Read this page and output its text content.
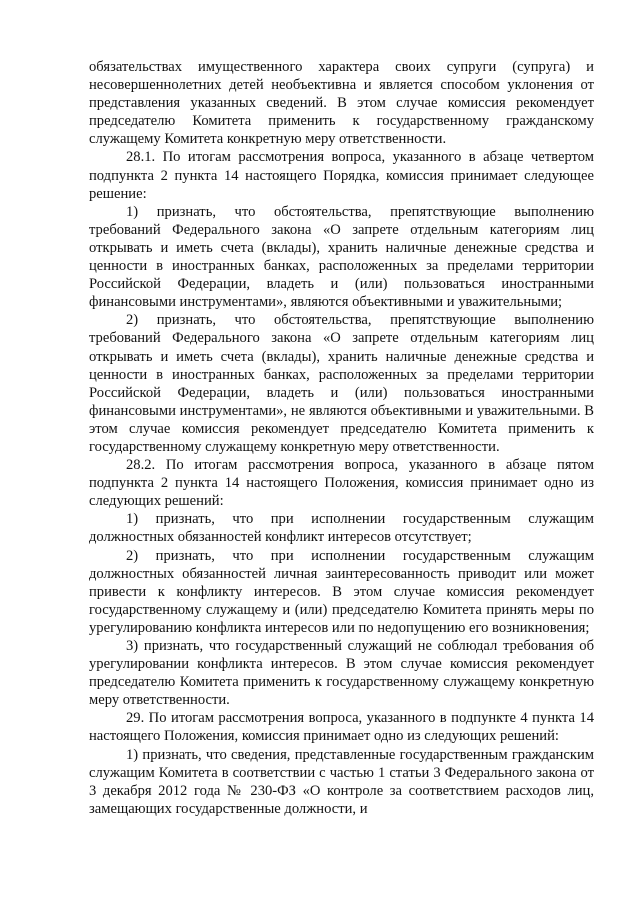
обязательствах имущественного характера своих супруги (супруга) и несовершеннолетних детей необъективна и является способом уклонения от представления указанных сведений. В этом случае комиссия рекомендует председателю Комитета применить к государственному гражданскому служащему Комитета конкретную меру ответственности.

28.1. По итогам рассмотрения вопроса, указанного в абзаце четвертом подпункта 2 пункта 14 настоящего Порядка, комиссия принимает следующее решение:

1) признать, что обстоятельства, препятствующие выполнению требований Федерального закона «О запрете отдельным категориям лиц открывать и иметь счета (вклады), хранить наличные денежные средства и ценности в иностранных банках, расположенных за пределами территории Российской Федерации, владеть и (или) пользоваться иностранными финансовыми инструментами», являются объективными и уважительными;

2) признать, что обстоятельства, препятствующие выполнению требований Федерального закона «О запрете отдельным категориям лиц открывать и иметь счета (вклады), хранить наличные денежные средства и ценности в иностранных банках, расположенных за пределами территории Российской Федерации, владеть и (или) пользоваться иностранными финансовыми инструментами», не являются объективными и уважительными. В этом случае комиссия рекомендует председателю Комитета применить к государственному служащему конкретную меру ответственности.

28.2. По итогам рассмотрения вопроса, указанного в абзаце пятом подпункта 2 пункта 14 настоящего Положения, комиссия принимает одно из следующих решений:

1) признать, что при исполнении государственным служащим должностных обязанностей конфликт интересов отсутствует;

2) признать, что при исполнении государственным служащим должностных обязанностей личная заинтересованность приводит или может привести к конфликту интересов. В этом случае комиссия рекомендует государственному служащему и (или) председателю Комитета принять меры по урегулированию конфликта интересов или по недопущению его возникновения;

3) признать, что государственный служащий не соблюдал требования об урегулировании конфликта интересов. В этом случае комиссия рекомендует председателю Комитета применить к государственному служащему конкретную меру ответственности.

29. По итогам рассмотрения вопроса, указанного в подпункте 4 пункта 14 настоящего Положения, комиссия принимает одно из следующих решений:

1) признать, что сведения, представленные государственным гражданским служащим Комитета в соответствии с частью 1 статьи 3 Федерального закона от 3 декабря 2012 года № 230-ФЗ «О контроле за соответствием расходов лиц, замещающих государственные должности, и
